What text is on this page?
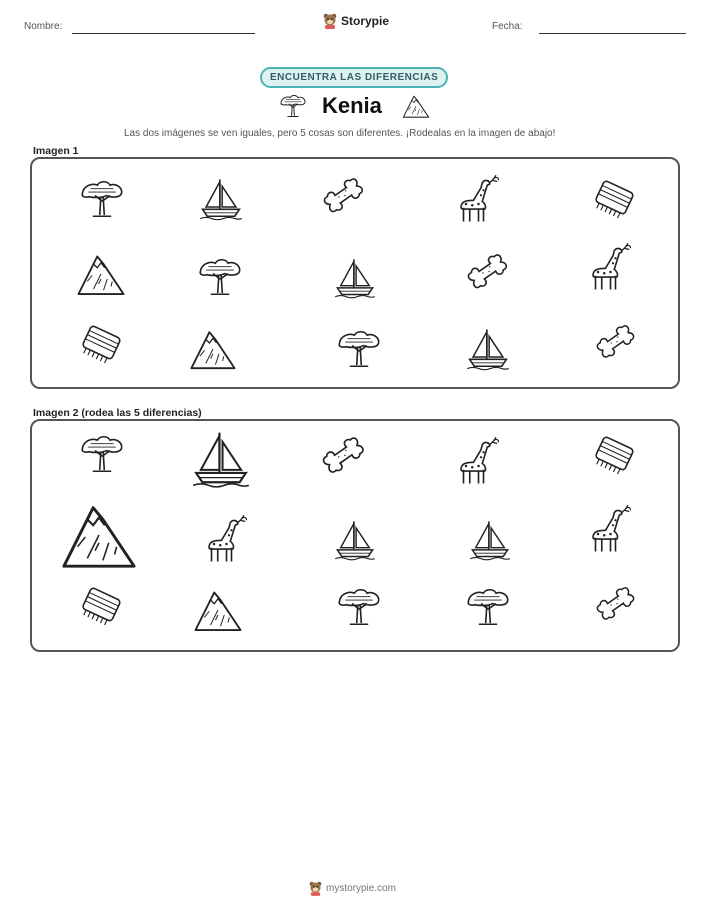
Nombre:	Storypie	Fecha:
ENCUENTRA LAS DIFERENCIAS
Kenia
Las dos imágenes se ven iguales, pero 5 cosas son diferentes. ¡Rodealas en la imagen de abajo!
Imagen 1
Imagen 2 (rodea las 5 diferencias)
mystorypie.com
